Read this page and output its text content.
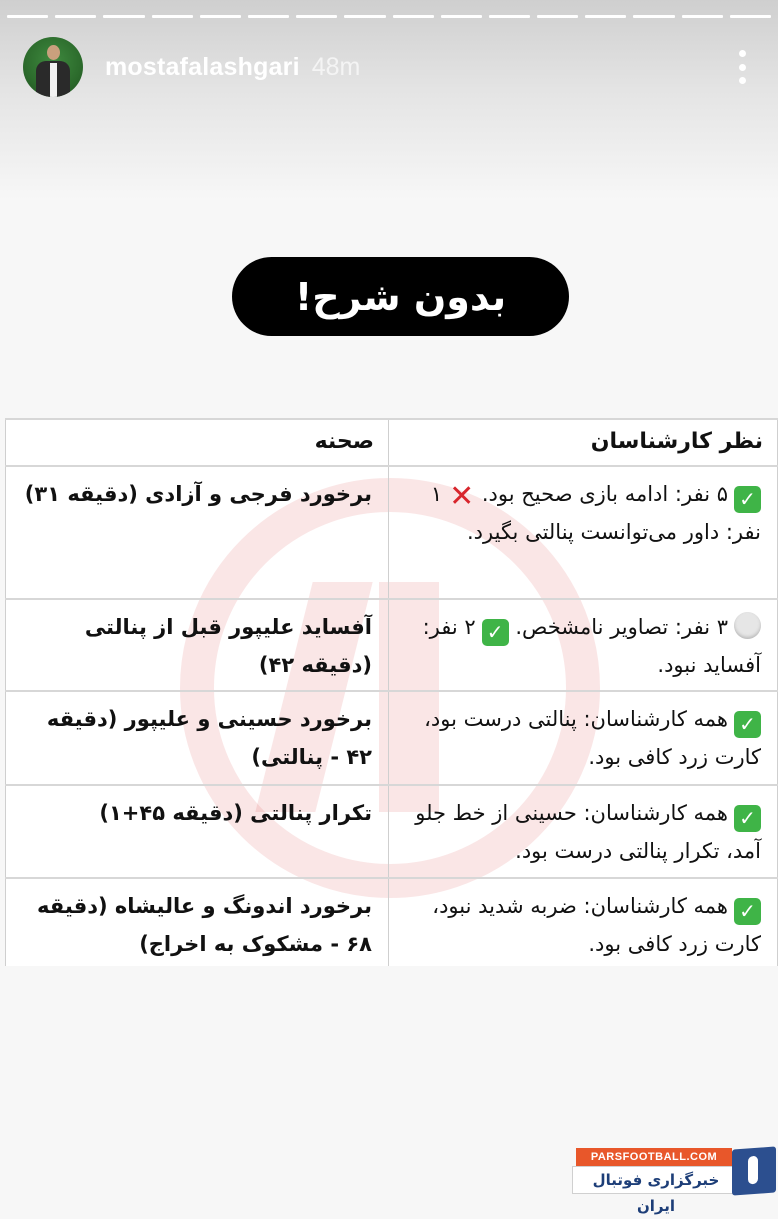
mostafalashgari 48m
بدون شرح!
نظر کارشناسان	صحنه
✓۵ نفر: ادامه بازی صحیح بود. ✕۱ نفر: داور می‌توانست پنالتی بگیرد.	برخورد فرجی و آزادی (دقیقه ۳۱)
۳ نفر: تصاویر نامشخص. ✓۲ نفر: آفساید نبود.	آفساید علیپور قبل از پنالتی (دقیقه ۴۲)
✓همه کارشناسان: پنالتی درست بود، کارت زرد کافی بود.	برخورد حسینی و علیپور (دقیقه ۴۲ - پنالتی)
✓همه کارشناسان: حسینی از خط جلو آمد، تکرار پنالتی درست بود.	تکرار پنالتی (دقیقه ۴۵+۱)
✓همه کارشناسان: ضربه شدید نبود، کارت زرد کافی بود.	برخورد اندونگ و عالیشاه (دقیقه ۶۸ - مشکوک به اخراج)
PARSFOOTBALL.COM
خبرگزاری فوتبال ایران
